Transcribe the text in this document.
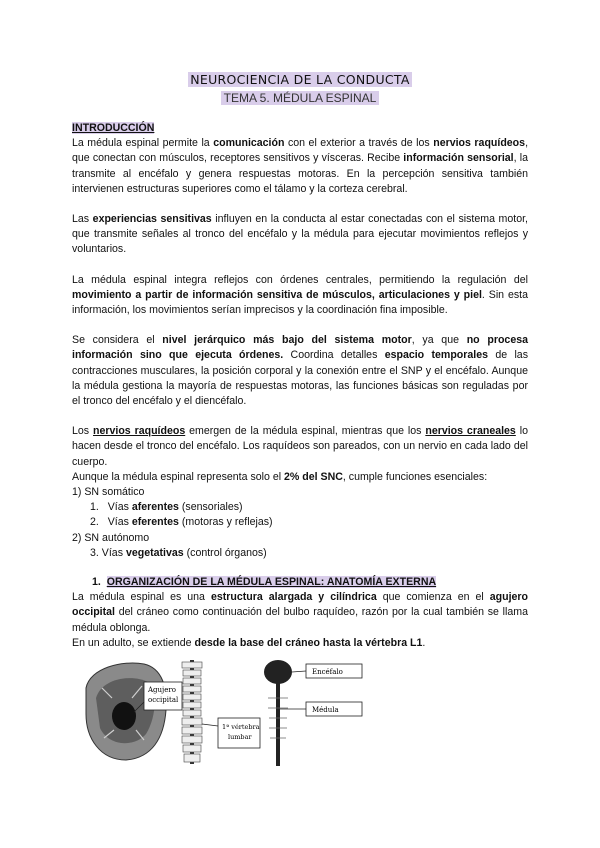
NEUROCIENCIA DE LA CONDUCTA
TEMA 5. MÉDULA ESPINAL
INTRODUCCIÓN

La médula espinal permite la comunicación con el exterior a través de los nervios raquídeos, que conectan con músculos, receptores sensitivos y vísceras. Recibe información sensorial, la transmite al encéfalo y genera respuestas motoras. En la percepción sensitiva también intervienen estructuras superiores como el tálamo y la corteza cerebral.

Las experiencias sensitivas influyen en la conducta al estar conectadas con el sistema motor, que transmite señales al tronco del encéfalo y la médula para ejecutar movimientos reflejos y voluntarios.

La médula espinal integra reflejos con órdenes centrales, permitiendo la regulación del movimiento a partir de información sensitiva de músculos, articulaciones y piel. Sin esta información, los movimientos serían imprecisos y la coordinación fina imposible.

Se considera el nivel jerárquico más bajo del sistema motor, ya que no procesa información sino que ejecuta órdenes. Coordina detalles espacio temporales de las contracciones musculares, la posición corporal y la conexión entre el SNP y el encéfalo. Aunque la médula gestiona la mayoría de respuestas motoras, las funciones básicas son reguladas por el tronco del encéfalo y el diencéfalo.

Los nervios raquídeos emergen de la médula espinal, mientras que los nervios craneales lo hacen desde el tronco del encéfalo. Los raquídeos son pareados, con un nervio en cada lado del cuerpo.

Aunque la médula espinal representa solo el 2% del SNC, cumple funciones esenciales:

1) SN somático
1. Vías aferentes (sensoriales)
2. Vías eferentes (motoras y reflejas)
2) SN autónomo
3. Vías vegetativas (control órganos)
1. ORGANIZACIÓN DE LA MÉDULA ESPINAL: ANATOMÍA EXTERNA

La médula espinal es una estructura alargada y cilíndrica que comienza en el agujero occipital del cráneo como continuación del bulbo raquídeo, razón por la cual también se llama médula oblonga.

En un adulto, se extiende desde la base del cráneo hasta la vértebra L1.

Agujero
occipital
1ª vértebra
lumbar
Encéfalo
Médula
